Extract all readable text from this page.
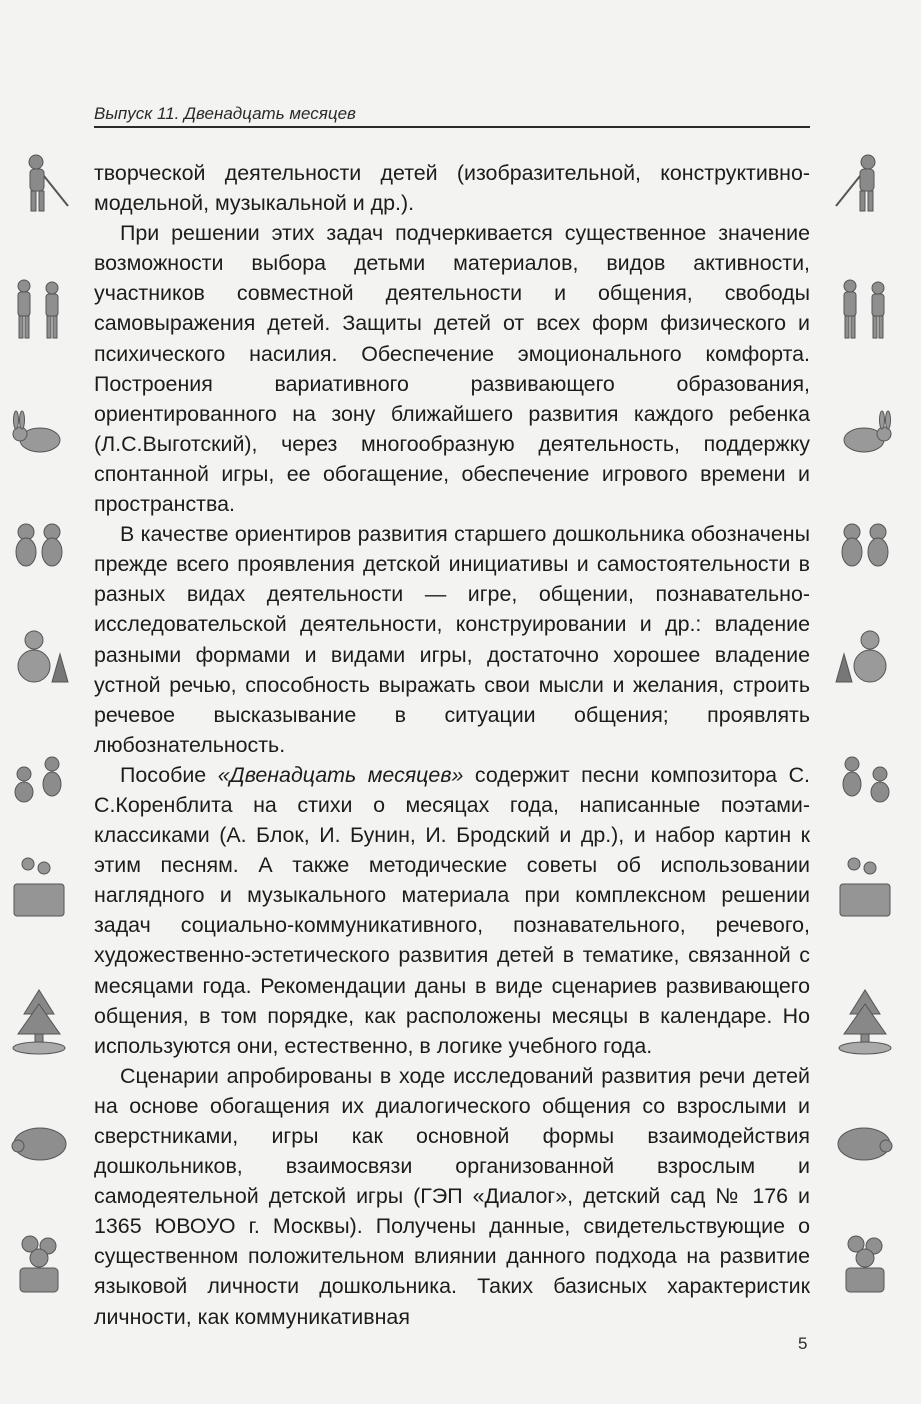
Выпуск 11. Двенадцать месяцев

творческой деятельности детей (изобразительной, конструктивно-модельной, музыкальной и др.).

При решении этих задач подчеркивается существенное значение возможности выбора детьми материалов, видов активности, участников совместной деятельности и общения, свободы самовыражения детей. Защиты детей от всех форм физического и психического насилия. Обеспечение эмоционального комфорта. Построения вариативного развивающего образования, ориентированного на зону ближайшего развития каждого ребенка (Л.С.Выготский), через многообразную деятельность, поддержку спонтанной игры, ее обогащение, обеспечение игрового времени и пространства.

В качестве ориентиров развития старшего дошкольника обозначены прежде всего проявления детской инициативы и самостоятельности в разных видах деятельности — игре, общении, познавательно-исследовательской деятельности, конструировании и др.: владение разными формами и видами игры, достаточно хорошее владение устной речью, способность выражать свои мысли и желания, строить речевое высказывание в ситуации общения; проявлять любознательность.

Пособие «Двенадцать месяцев» содержит песни композитора С. С.Коренблита на стихи о месяцах года, написанные поэтами-классиками (А. Блок, И. Бунин, И. Бродский и др.), и набор картин к этим песням. А также методические советы об использовании наглядного и музыкального материала при комплексном решении задач социально-коммуникативного, познавательного, речевого, художественно-эстетического развития детей в тематике, связанной с месяцами года. Рекомендации даны в виде сценариев развивающего общения, в том порядке, как расположены месяцы в календаре. Но используются они, естественно, в логике учебного года.

Сценарии апробированы в ходе исследований развития речи детей на основе обогащения их диалогического общения со взрослыми и сверстниками, игры как основной формы взаимодействия дошкольников, взаимосвязи организованной взрослым и самодеятельной детской игры (ГЭП «Диалог», детский сад № 176 и 1365 ЮВОУО г. Москвы). Получены данные, свидетельствующие о существенном положительном влиянии данного подхода на развитие языковой личности дошкольника. Таких базисных характеристик личности, как коммуникативная

5
